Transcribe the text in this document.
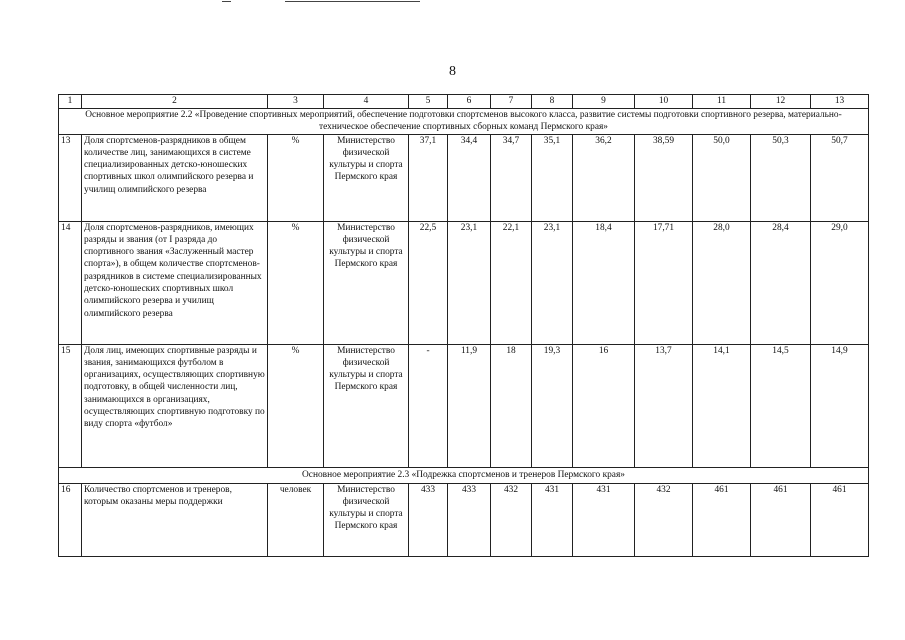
8
1	2	3	4	5	6	7	8	9	10	11	12	13
Основное мероприятие 2.2 «Проведение спортивных мероприятий, обеспечение подготовки спортсменов высокого класса, развитие системы подготовки спортивного резерва, материально-техническое обеспечение спортивных сборных команд Пермского края»												
13	Доля спортсменов-разрядников в общем количестве лиц, занимающихся в системе специализированных детско-юношеских спортивных школ олимпийского резерва и училищ олимпийского резерва	%	Министерство физической культуры и спорта Пермского края	37,1	34,4	34,7	35,1	36,2	38,59	50,0	50,3	50,7
14	Доля спортсменов-разрядников, имеющих разряды и звания (от I разряда до спортивного звания «Заслуженный мастер спорта»), в общем количестве спортсменов-разрядников в системе специализированных детско-юношеских спортивных школ олимпийского резерва и училищ олимпийского резерва	%	Министерство физической культуры и спорта Пермского края	22,5	23,1	22,1	23,1	18,4	17,71	28,0	28,4	29,0
15	Доля лиц, имеющих спортивные разряды и звания, занимающихся футболом в организациях, осуществляющих спортивную подготовку, в общей численности лиц, занимающихся в организациях, осуществляющих спортивную подготовку по виду спорта «футбол»	%	Министерство физической культуры и спорта Пермского края	-	11,9	18	19,3	16	13,7	14,1	14,5	14,9
Основное мероприятие 2.3 «Подрежка спортсменов и тренеров Пермского края»												
16	Количество спортсменов и тренеров, которым оказаны меры поддержки	человек	Министерство физической культуры и спорта Пермского края	433	433	432	431	431	432	461	461	461
